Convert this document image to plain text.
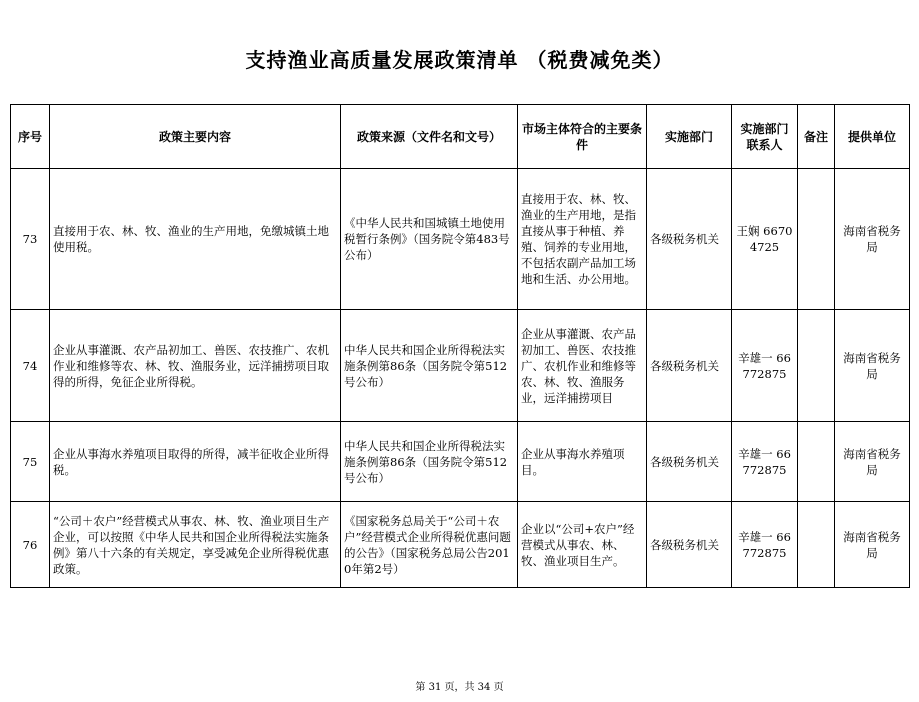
支持渔业高质量发展政策清单 （税费减免类）
序号	政策主要内容	政策来源（文件名和文号）	市场主体符合的主要条件	实施部门	实施部门联系人	备注	提供单位
73	直接用于农、林、牧、渔业的生产用地，免缴城镇土地使用税。	《中华人民共和国城镇土地使用税暂行条例》（国务院令第483号公布）	直接用于农、林、牧、渔业的生产用地，是指直接从事于种植、养殖、饲养的专业用地，不包括农副产品加工场地和生活、办公用地。	各级税务机关	王娴 66704725		海南省税务局
74	企业从事灌溉、农产品初加工、兽医、农技推广、农机作业和维修等农、林、牧、渔服务业，远洋捕捞项目取得的所得，免征企业所得税。	中华人民共和国企业所得税法实施条例第86条（国务院令第512号公布）	企业从事灌溉、农产品初加工、兽医、农技推广、农机作业和维修等农、林、牧、渔服务业，远洋捕捞项目	各级税务机关	辛雄一 66772875		海南省税务局
75	企业从事海水养殖项目取得的所得，减半征收企业所得税。	中华人民共和国企业所得税法实施条例第86条（国务院令第512号公布）	企业从事海水养殖项目。	各级税务机关	辛雄一 66772875		海南省税务局
76	“公司＋农户”经营模式从事农、林、牧、渔业项目生产企业，可以按照《中华人民共和国企业所得税法实施条例》第八十六条的有关规定，享受减免企业所得税优惠政策。	《国家税务总局关于“公司＋农户”经营模式企业所得税优惠问题的公告》（国家税务总局公告2010年第2号）	企业以“公司+农户”经营模式从事农、林、牧、渔业项目生产。	各级税务机关	辛雄一 66772875		海南省税务局
第 31 页，共 34 页
